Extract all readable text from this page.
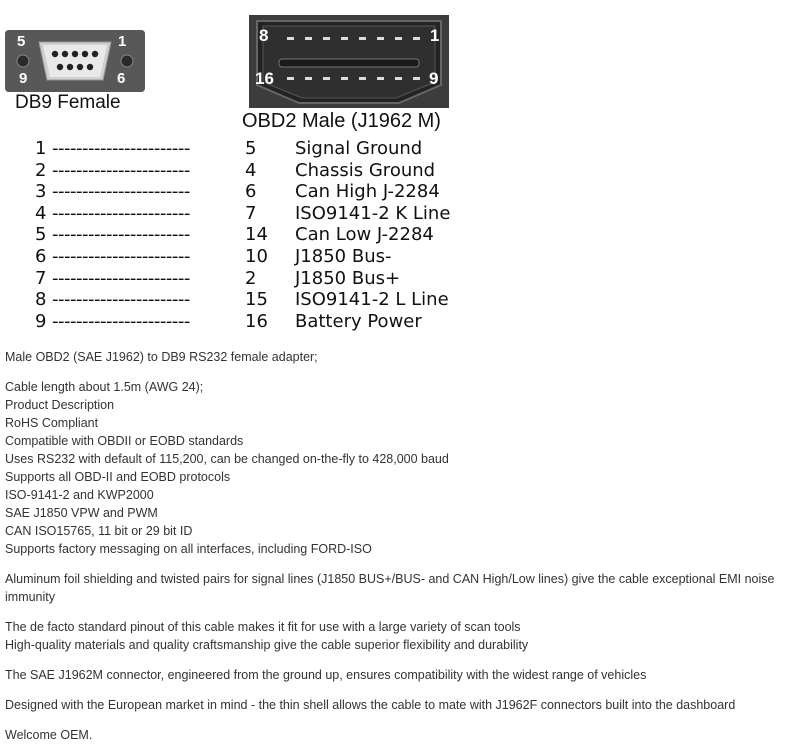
5	1
9	6
DB9 Female
8	1
16	9
OBD2 Male (J1962 M)
1 -----------------------	5 Signal Ground
2 -----------------------	4 Chassis Ground
3 -----------------------	6 Can High J-2284
4 -----------------------	7 ISO9141-2 K Line
5 -----------------------	14 Can Low J-2284
6 -----------------------	10 J1850 Bus-
7 -----------------------	2 J1850 Bus+
8 -----------------------	15 ISO9141-2 L Line
9 -----------------------	16 Battery Power

Male OBD2 (SAE J1962) to DB9 RS232 female adapter;

Cable length about 1.5m (AWG 24);
Product Description
RoHS Compliant
Compatible with OBDII or EOBD standards
Uses RS232 with default of 115,200, can be changed on-the-fly to 428,000 baud
Supports all OBD-II and EOBD protocols
ISO-9141-2 and KWP2000
SAE J1850 VPW and PWM
CAN ISO15765, 11 bit or 29 bit ID
Supports factory messaging on all interfaces, including FORD-ISO

Aluminum foil shielding and twisted pairs for signal lines (J1850 BUS+/BUS- and CAN High/Low lines) give the cable exceptional EMI noise immunity

The de facto standard pinout of this cable makes it fit for use with a large variety of scan tools
High-quality materials and quality craftsmanship give the cable superior flexibility and durability

The SAE J1962M connector, engineered from the ground up, ensures compatibility with the widest range of vehicles

Designed with the European market in mind - the thin shell allows the cable to mate with J1962F connectors built into the dashboard

Welcome OEM.
